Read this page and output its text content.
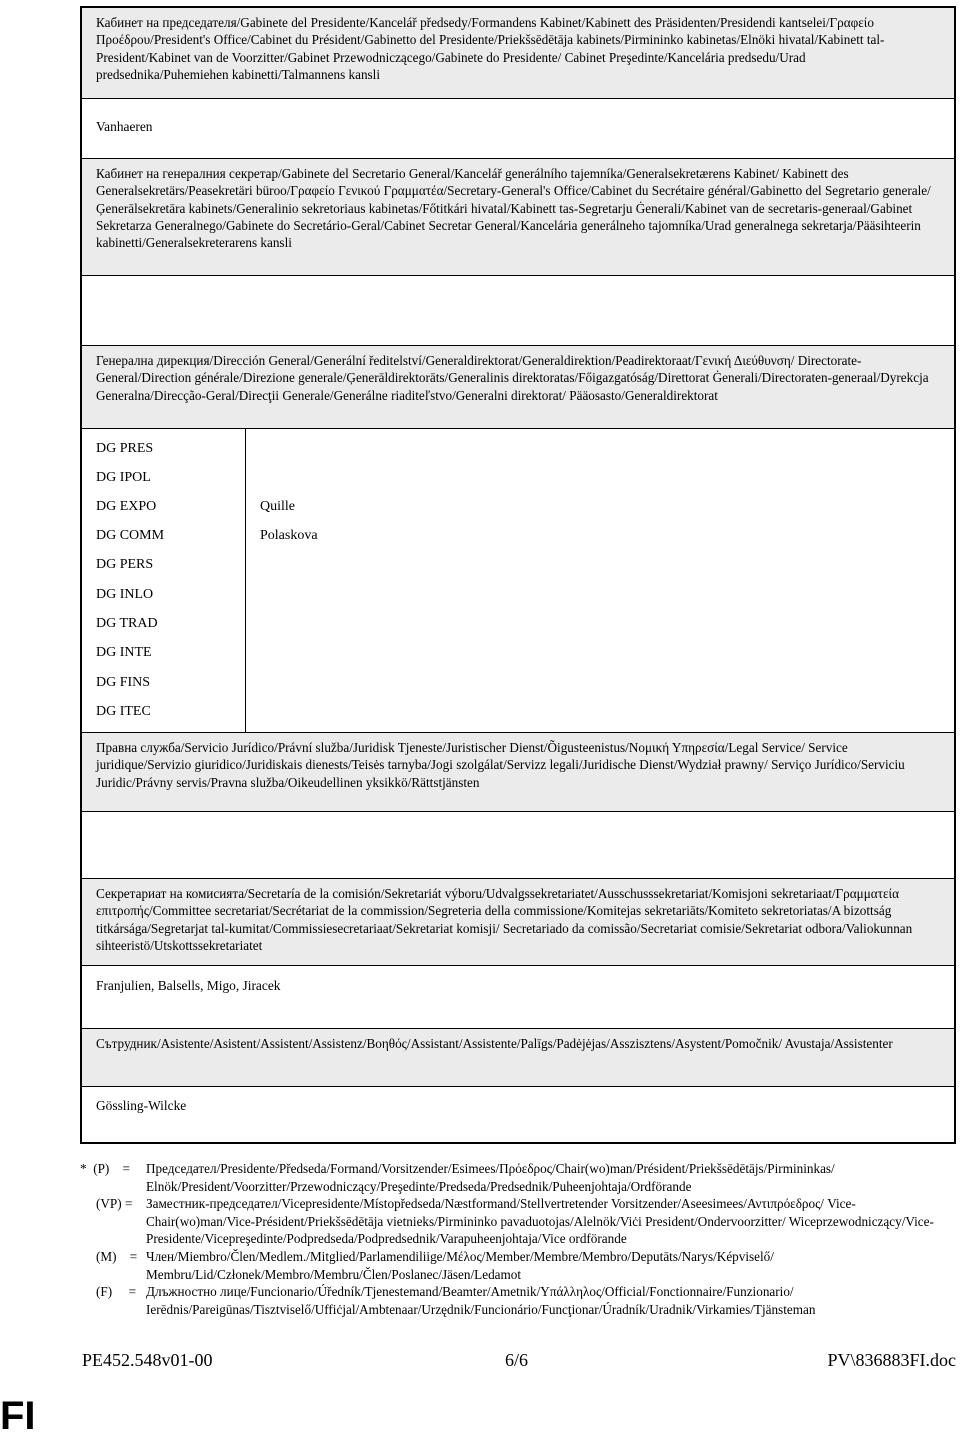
Кабинет на председателя/Gabinete del Presidente/Kancelář předsedy/Formandens Kabinet/Kabinett des Präsidenten/Presidendi kantselei/Γραφείο Προέδρου/President's Office/Cabinet du Président/Gabinetto del Presidente/Priekšsēdētāja kabinets/Pirmininko kabinetas/Elnöki hivatal/Kabinett tal-President/Kabinet van de Voorzitter/Gabinet Przewodniczącego/Gabinete do Presidente/ Cabinet Preşedinte/Kancelária predsedu/Urad predsednika/Puhemiehen kabinetti/Talmannens kansli
Vanhaeren
Кабинет на генералния секретар/Gabinete del Secretario General/Kancelář generálního tajemníka/Generalsekretærens Kabinet/ Kabinett des Generalsekretärs/Peasekretäri büroo/Γραφείο Γενικού Γραμματέα/Secretary-General's Office/Cabinet du Secrétaire général/Gabinetto del Segretario generale/Ģenerālsekretāra kabinets/Generalinio sekretoriaus kabinetas/Főtitkári hivatal/Kabinett tas-Segretarju Ġenerali/Kabinet van de secretaris-generaal/Gabinet Sekretarza Generalnego/Gabinete do Secretário-Geral/Cabinet Secretar General/Kancelária generálneho tajomníka/Urad generalnega sekretarja/Pääsihteerin kabinetti/Generalsekreterarens kansli
Генерална дирекция/Dirección General/Generální ředitelství/Generaldirektorat/Generaldirektion/Peadirektoraat/Γενική Διεύθυνση/ Directorate-General/Direction générale/Direzione generale/Ģenerāldirektorāts/Generalinis direktoratas/Főigazgatóság/Direttorat Ġenerali/Directoraten-generaal/Dyrekcja Generalna/Direcção-Geral/Direcţii Generale/Generálne riaditeľstvo/Generalni direktorat/ Pääosasto/Generaldirektorat
DG PRES
DG IPOL
DG EXPO	Quille
DG COMM	Polaskova
DG PERS
DG INLO
DG TRAD
DG INTE
DG FINS
DG ITEC
Правна служба/Servicio Jurídico/Právní služba/Juridisk Tjeneste/Juristischer Dienst/Õigusteenistus/Νομική Υπηρεσία/Legal Service/ Service juridique/Servizio giuridico/Juridiskais dienests/Teisės tarnyba/Jogi szolgálat/Servizz legali/Juridische Dienst/Wydział prawny/ Serviço Jurídico/Serviciu Juridic/Právny servis/Pravna služba/Oikeudellinen yksikkö/Rättstjänsten
Секретариат на комисията/Secretaría de la comisión/Sekretariát výboru/Udvalgssekretariatet/Ausschusssekretariat/Komisjoni sekretariaat/Γραμματεία επιτροπής/Committee secretariat/Secrétariat de la commission/Segreteria della commissione/Komitejas sekretariāts/Komiteto sekretoriatas/A bizottság titkársága/Segretarjat tal-kumitat/Commissiesecretariaat/Sekretariat komisji/ Secretariado da comissão/Secretariat comisie/Sekretariat odbora/Valiokunnan sihteeristö/Utskottssekretariatet
Franjulien, Balsells, Migo, Jiracek
Сътрудник/Asistente/Asistent/Assistent/Assistenz/Βοηθός/Assistant/Assistente/Palīgs/Padėjėjas/Asszisztens/Asystent/Pomočnik/ Avustaja/Assistenter
Gössling-Wilcke
* (P) = Председател/Presidente/Předseda/Formand/Vorsitzender/Esimees/Πρόεδρος/Chair(wo)man/Président/Priekšsēdētājs/Pirmininkas/ Elnök/President/Voorzitter/Przewodniczący/Preşedinte/Predseda/Predsednik/Puheenjohtaja/Ordförande
(VP) = Заместник-председател/Vicepresidente/Místopředseda/Næstformand/Stellvertretender Vorsitzender/Aseesimees/Αντιπρόεδρος/ Vice-Chair(wo)man/Vice-Président/Priekšsēdētāja vietnieks/Pirmininko pavaduotojas/Alelnök/Viċi President/Ondervoorzitter/ Wiceprzewodniczący/Vice-Presidente/Vicepreşedinte/Podpredseda/Podpredsednik/Varapuheenjohtaja/Vice ordförande
(M) = Член/Miembro/Člen/Medlem./Mitglied/Parlamendiliige/Μέλος/Member/Membre/Membro/Deputāts/Narys/Képviselő/ Membru/Lid/Członek/Membro/Membru/Člen/Poslanec/Jäsen/Ledamot
(F) = Длъжностно лице/Funcionario/Úředník/Tjenestemand/Beamter/Ametnik/Υπάλληλος/Official/Fonctionnaire/Funzionario/ Ierēdnis/Pareigūnas/Tisztviselő/Uffiċjal/Ambtenaar/Urzędnik/Funcionário/Funcţionar/Úradník/Uradnik/Virkamies/Tjänsteman
PE452.548v01-00	6/6	PV\836883FI.doc
FI
